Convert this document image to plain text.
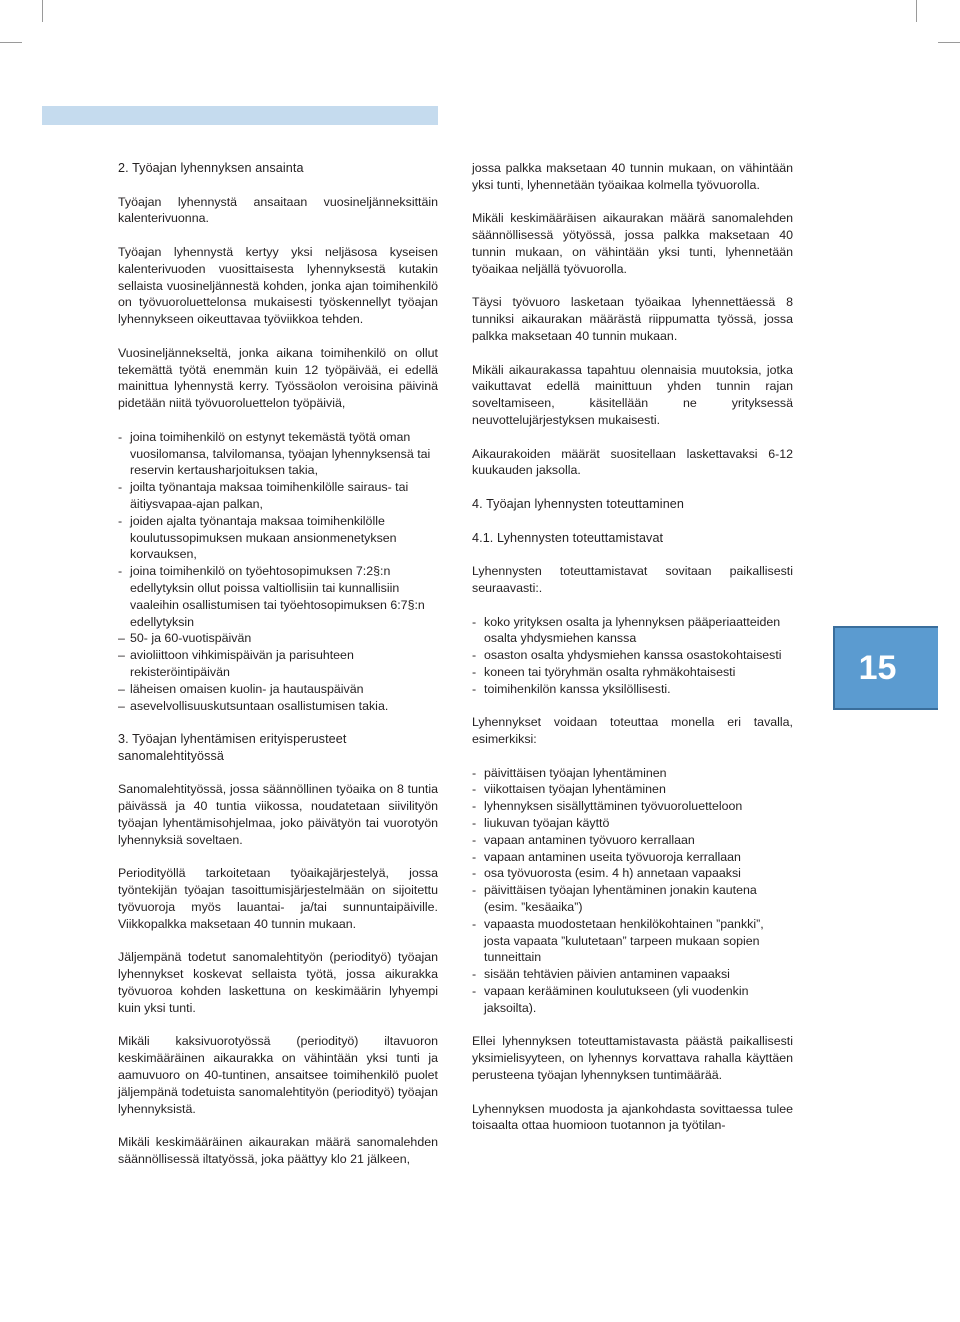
2. Työajan lyhennyksen ansainta

Työajan lyhennystä ansaitaan vuosineljänneksittäin kalenterivuonna.

Työajan lyhennystä kertyy yksi neljäsosa kyseisen kalenterivuoden vuosittaisesta lyhennyksestä kutakin sellaista vuosineljännestä kohden, jonka ajan toimihenkilö on työvuoroluettelonsa mukaisesti työskennellyt työajan lyhennykseen oikeuttavaa työviikkoa tehden.

Vuosineljännekseltä, jonka aikana toimihenkilö on ollut tekemättä työtä enemmän kuin 12 työpäivää, ei edellä mainittua lyhennystä kerry. Työssäolon veroisina päivinä pidetään niitä työvuoroluettelon työpäiviä,

- joina toimihenkilö on estynyt tekemästä työtä oman vuosilomansa, talvilomansa, työajan lyhennyksensä tai reservin kertausharjoituksen takia,
- joilta työnantaja maksaa toimihenkilölle sairaus- tai äitiysvapaa-ajan palkan,
- joiden ajalta työnantaja maksaa toimihenkilölle koulutussopimuksen mukaan ansionmenetyksen korvauksen,
- joina toimihenkilö on työehtosopimuksen 7:2§:n edellytyksin ollut poissa valtiollisiin tai kunnallisiin vaaleihin osallistumisen tai työehtosopimuksen 6:7§:n edellytyksin
– 50- ja 60-vuotispäivän
– avioliittoon vihkimispäivän ja parisuhteen rekisteröintipäivän
– läheisen omaisen kuolin- ja hautauspäivän
– asevelvollisuuskutsuntaan osallistumisen takia.
3. Työajan lyhentämisen erityisperusteet sanomalehtityössä

Sanomalehtityössä, jossa säännöllinen työaika on 8 tuntia päivässä ja 40 tuntia viikossa, noudatetaan siivilityön työajan lyhentämisohjelmaa, joko päivätyön tai vuorotyön lyhennyksiä soveltaen.

Periodityöllä tarkoitetaan työaikajärjestelyä, jossa työntekijän työajan tasoittumisjärjestelmään on sijoitettu työvuoroja myös lauantai- ja/tai sunnuntaipäiville. Viikkopalkka maksetaan 40 tunnin mukaan.

Jäljempänä todetut sanomalehtityön (periodityö) työajan lyhennykset koskevat sellaista työtä, jossa aikurakka työvuoroa kohden laskettuna on keskimäärin lyhyempi kuin yksi tunti.

Mikäli kaksivuorotyössä (periodityö) iltavuoron keskimääräinen aikaurakka on vähintään yksi tunti ja aamuvuoro on 40-tuntinen, ansaitsee toimihenkilö puolet jäljempänä todetuista sanomalehtityön (periodityö) työajan lyhennyksistä.

Mikäli keskimääräinen aikaurakan määrä sanomalehden säännöllisessä iltatyössä, joka päättyy klo 21 jälkeen,

jossa palkka maksetaan 40 tunnin mukaan, on vähintään yksi tunti, lyhennetään työaikaa kolmella työvuorolla.

Mikäli keskimääräisen aikaurakan määrä sanomalehden säännöllisessä yötyössä, jossa palkka maksetaan 40 tunnin mukaan, on vähintään yksi tunti, lyhennetään työaikaa neljällä työvuorolla.

Täysi työvuoro lasketaan työaikaa lyhennettäessä 8 tunniksi aikaurakan määrästä riippumatta työssä, jossa palkka maksetaan 40 tunnin mukaan.

Mikäli aikaurakassa tapahtuu olennaisia muutoksia, jotka vaikuttavat edellä mainittuun yhden tunnin rajan soveltamiseen, käsitellään ne yrityksessä neuvottelujärjestyksen mukaisesti.

Aikaurakoiden määrät suositellaan laskettavaksi 6-12 kuukauden jaksolla.

4. Työajan lyhennysten toteuttaminen
4.1. Lyhennysten toteuttamistavat

Lyhennysten toteuttamistavat sovitaan paikallisesti seuraavasti:.

- koko yrityksen osalta ja lyhennyksen pääperiaatteiden osalta yhdysmiehen kanssa
- osaston osalta yhdysmiehen kanssa osastokohtaisesti
- koneen tai työryhmän osalta ryhmäkohtaisesti
- toimihenkilön kanssa yksilöllisesti.

Lyhennykset voidaan toteuttaa monella eri tavalla, esimerkiksi:

- päivittäisen työajan lyhentäminen
- viikottaisen työajan lyhentäminen
- lyhennyksen sisällyttäminen työvuoroluetteloon
- liukuvan työajan käyttö
- vapaan antaminen työvuoro kerrallaan
- vapaan antaminen useita työvuoroja kerrallaan
- osa työvuorosta (esim. 4 h) annetaan vapaaksi
- päivittäisen työajan lyhentäminen jonakin kautena (esim. ”kesäaika”)
- vapaasta muodostetaan henkilökohtainen ”pankki”, josta vapaata ”kulutetaan” tarpeen mukaan sopien tunneittain
- sisään tehtävien päivien antaminen vapaaksi
- vapaan kerääminen koulutukseen (yli vuodenkin jaksoilta).

Ellei lyhennyksen toteuttamistavasta päästä paikallisesti yksimielisyyteen, on lyhennys korvattava rahalla käyttäen perusteena työajan lyhennyksen tuntimäärää.

Lyhennyksen muodosta ja ajankohdasta sovittaessa tulee toisaalta ottaa huomioon tuotannon ja työtilan-

15
